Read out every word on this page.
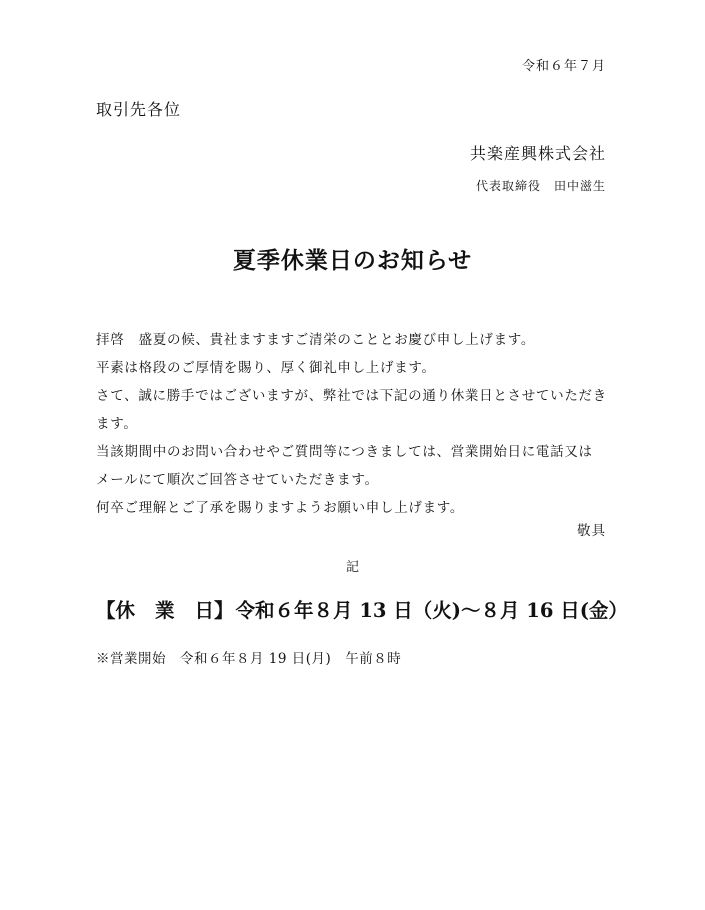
令和６年７月
取引先各位
共楽産興株式会社
代表取締役　田中滋生
夏季休業日のお知らせ
拝啓　盛夏の候、貴社ますますご清栄のこととお慶び申し上げます。
平素は格段のご厚情を賜り、厚く御礼申し上げます。
さて、誠に勝手ではございますが、弊社では下記の通り休業日とさせていただき
ます。
当該期間中のお問い合わせやご質問等につきましては、営業開始日に電話又は
メールにて順次ご回答させていただきます。
何卒ご理解とご了承を賜りますようお願い申し上げます。
敬具
記
【休 業 日】 令和６年８月 13 日（火)〜８月 16 日(金）
※営業開始　令和６年８月 19 日(月)　午前８時
